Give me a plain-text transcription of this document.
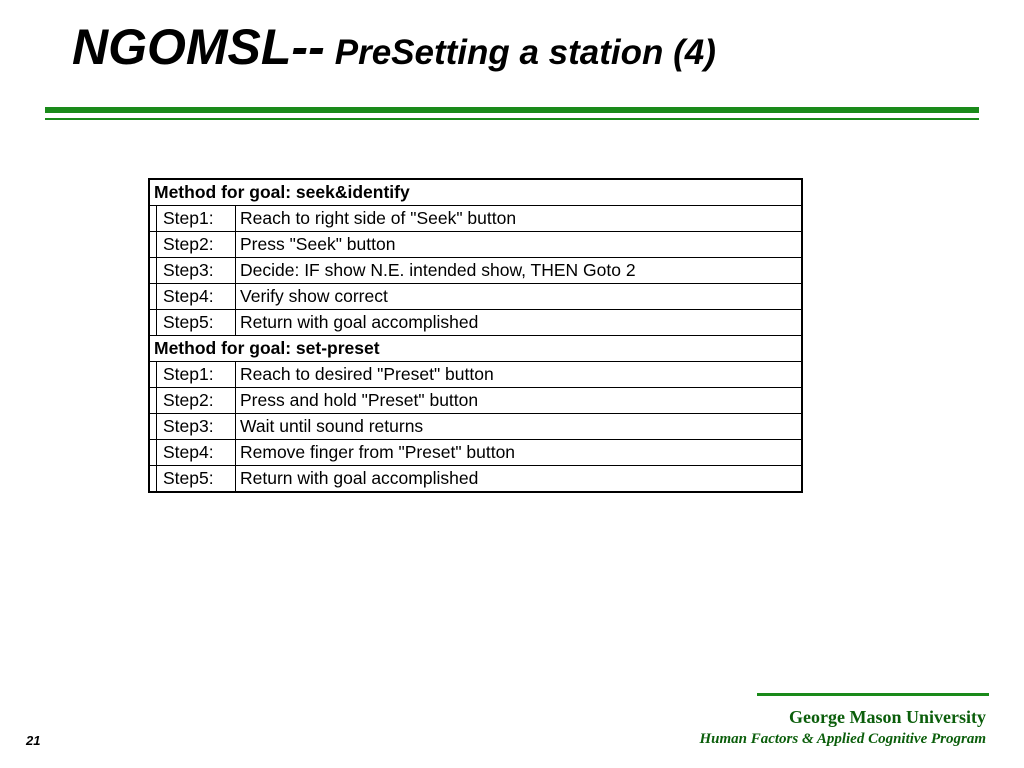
NGOMSL-- PreSetting a station (4)
Method for goal: seek&identify		
	Step1:	Reach to right side of "Seek" button
	Step2:	Press "Seek" button
	Step3:	Decide: IF show N.E. intended show, THEN Goto 2
	Step4:	Verify show correct
	Step5:	Return with goal accomplished
Method for goal: set-preset		
	Step1:	Reach to desired "Preset" button
	Step2:	Press and hold "Preset" button
	Step3:	Wait until sound returns
	Step4:	Remove finger from "Preset" button
	Step5:	Return with goal accomplished
George Mason University
Human Factors & Applied Cognitive Program
21
